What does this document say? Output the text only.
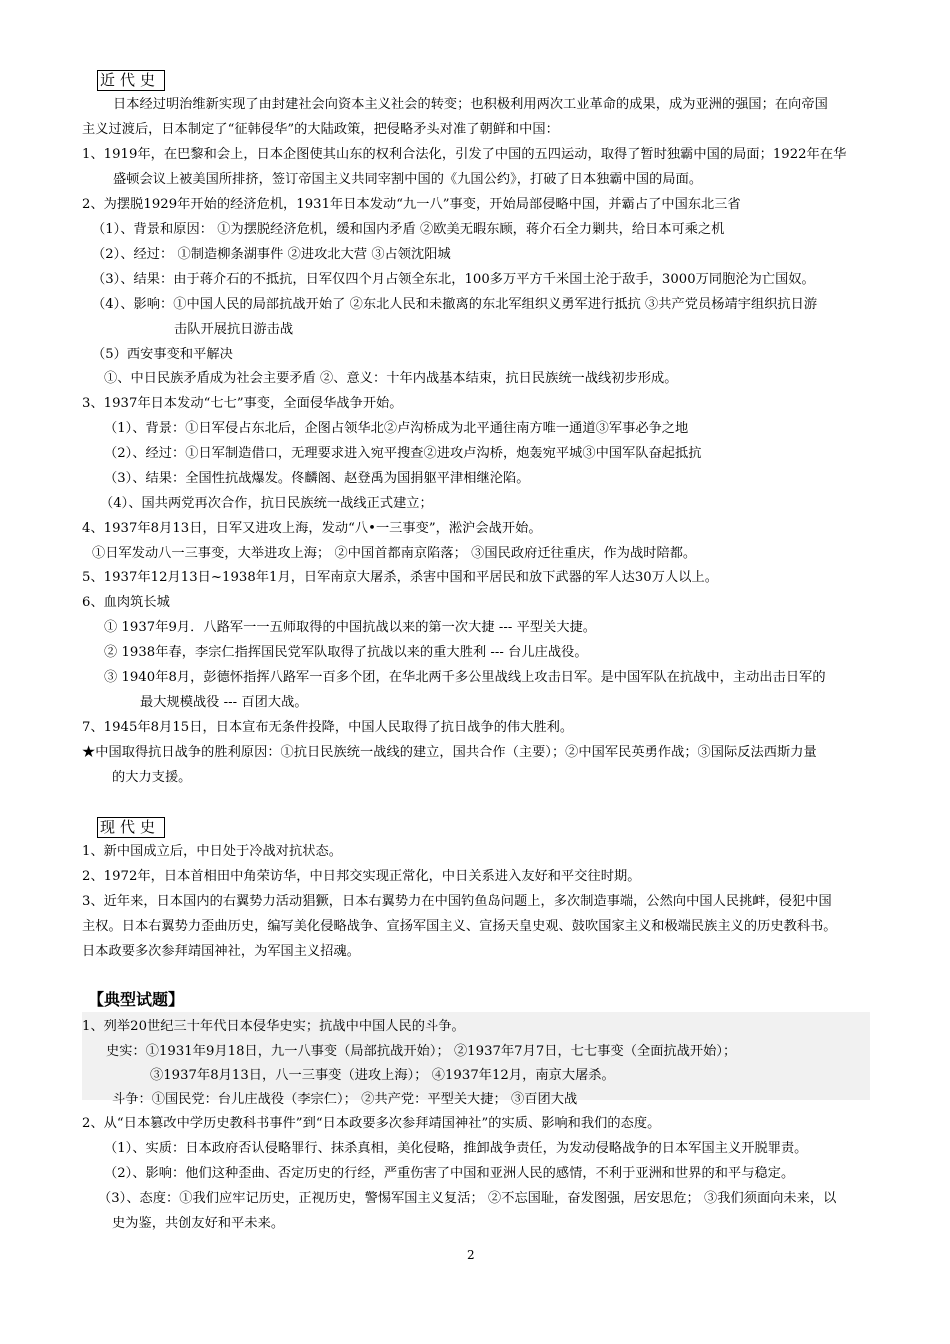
近代史
日本经过明治维新实现了由封建社会向资本主义社会的转变；也积极利用两次工业革命的成果，成为亚洲的强国；在向帝国
主义过渡后，日本制定了“征韩侵华”的大陆政策，把侵略矛头对准了朝鲜和中国：
1、1919年，在巴黎和会上，日本企图使其山东的权利合法化，引发了中国的五四运动，取得了暂时独霸中国的局面；1922年在华
盛顿会议上被美国所排挤，签订帝国主义共同宰割中国的《九国公约》，打破了日本独霸中国的局面。
2、为摆脱1929年开始的经济危机，1931年日本发动“九一八”事变，开始局部侵略中国，并霸占了中国东北三省
（1）、背景和原因： ①为摆脱经济危机，缓和国内矛盾 ②欧美无暇东顾，蒋介石全力剿共，给日本可乘之机
（2）、经过： ①制造柳条湖事件 ②进攻北大营 ③占领沈阳城
（3）、结果：由于蒋介石的不抵抗，日军仅四个月占领全东北，100多万平方千米国土沦于敌手，3000万同胞沦为亡国奴。
（4）、影响：①中国人民的局部抗战开始了 ②东北人民和未撤离的东北军组织义勇军进行抵抗 ③共产党员杨靖宇组织抗日游
击队开展抗日游击战
（5）西安事变和平解决
①、中日民族矛盾成为社会主要矛盾 ②、意义：十年内战基本结束，抗日民族统一战线初步形成。
3、1937年日本发动“七七”事变，全面侵华战争开始。
（1）、背景：①日军侵占东北后，企图占领华北②卢沟桥成为北平通往南方唯一通道③军事必争之地
（2）、经过：①日军制造借口，无理要求进入宛平搜查②进攻卢沟桥，炮轰宛平城③中国军队奋起抵抗
（3）、结果：全国性抗战爆发。佟麟阁、赵登禹为国捐躯平津相继沦陷。
（4）、国共两党再次合作，抗日民族统一战线正式建立；
4、1937年8月13日，日军又进攻上海，发动“八•一三事变”，淞沪会战开始。
①日军发动八一三事变，大举进攻上海； ②中国首都南京陷落； ③国民政府迁往重庆，作为战时陪都。
5、1937年12月13日~1938年1月，日军南京大屠杀，杀害中国和平居民和放下武器的军人达30万人以上。
6、血肉筑长城
① 1937年9月．八路军一一五师取得的中国抗战以来的第一次大捷 --- 平型关大捷。
② 1938年春，李宗仁指挥国民党军队取得了抗战以来的重大胜利 --- 台儿庄战役。
③ 1940年8月，彭德怀指挥八路军一百多个团，在华北两千多公里战线上攻击日军。是中国军队在抗战中，主动出击日军的
最大规模战役 --- 百团大战。
7、1945年8月15日，日本宣布无条件投降，中国人民取得了抗日战争的伟大胜利。
★中国取得抗日战争的胜利原因：①抗日民族统一战线的建立，国共合作（主要）；②中国军民英勇作战；③国际反法西斯力量
的大力支援。
现代史
1、新中国成立后，中日处于冷战对抗状态。
2、1972年，日本首相田中角荣访华，中日邦交实现正常化，中日关系进入友好和平交往时期。
3、近年来，日本国内的右翼势力活动猖獗，日本右翼势力在中国钓鱼岛问题上，多次制造事端，公然向中国人民挑衅，侵犯中国
主权。日本右翼势力歪曲历史，编写美化侵略战争、宣扬军国主义、宣扬天皇史观、鼓吹国家主义和极端民族主义的历史教科书。
日本政要多次参拜靖国神社，为军国主义招魂。
【典型试题】
1、列举20世纪三十年代日本侵华史实；抗战中中国人民的斗争。
史实：①1931年9月18日，九一八事变（局部抗战开始）； ②1937年7月7日，七七事变（全面抗战开始）；
③1937年8月13日，八一三事变（进攻上海）； ④1937年12月，南京大屠杀。
斗争：①国民党：台儿庄战役（李宗仁）； ②共产党：平型关大捷； ③百团大战
2、从“日本篡改中学历史教科书事件”到“日本政要多次参拜靖国神社”的实质、影响和我们的态度。
（1）、实质：日本政府否认侵略罪行、抹杀真相，美化侵略，推卸战争责任，为发动侵略战争的日本军国主义开脱罪责。
（2）、影响：他们这种歪曲、否定历史的行经，严重伤害了中国和亚洲人民的感情，不利于亚洲和世界的和平与稳定。
（3）、态度：①我们应牢记历史，正视历史，警惕军国主义复活； ②不忘国耻，奋发图强，居安思危； ③我们须面向未来，以
史为鉴，共创友好和平未来。
2
